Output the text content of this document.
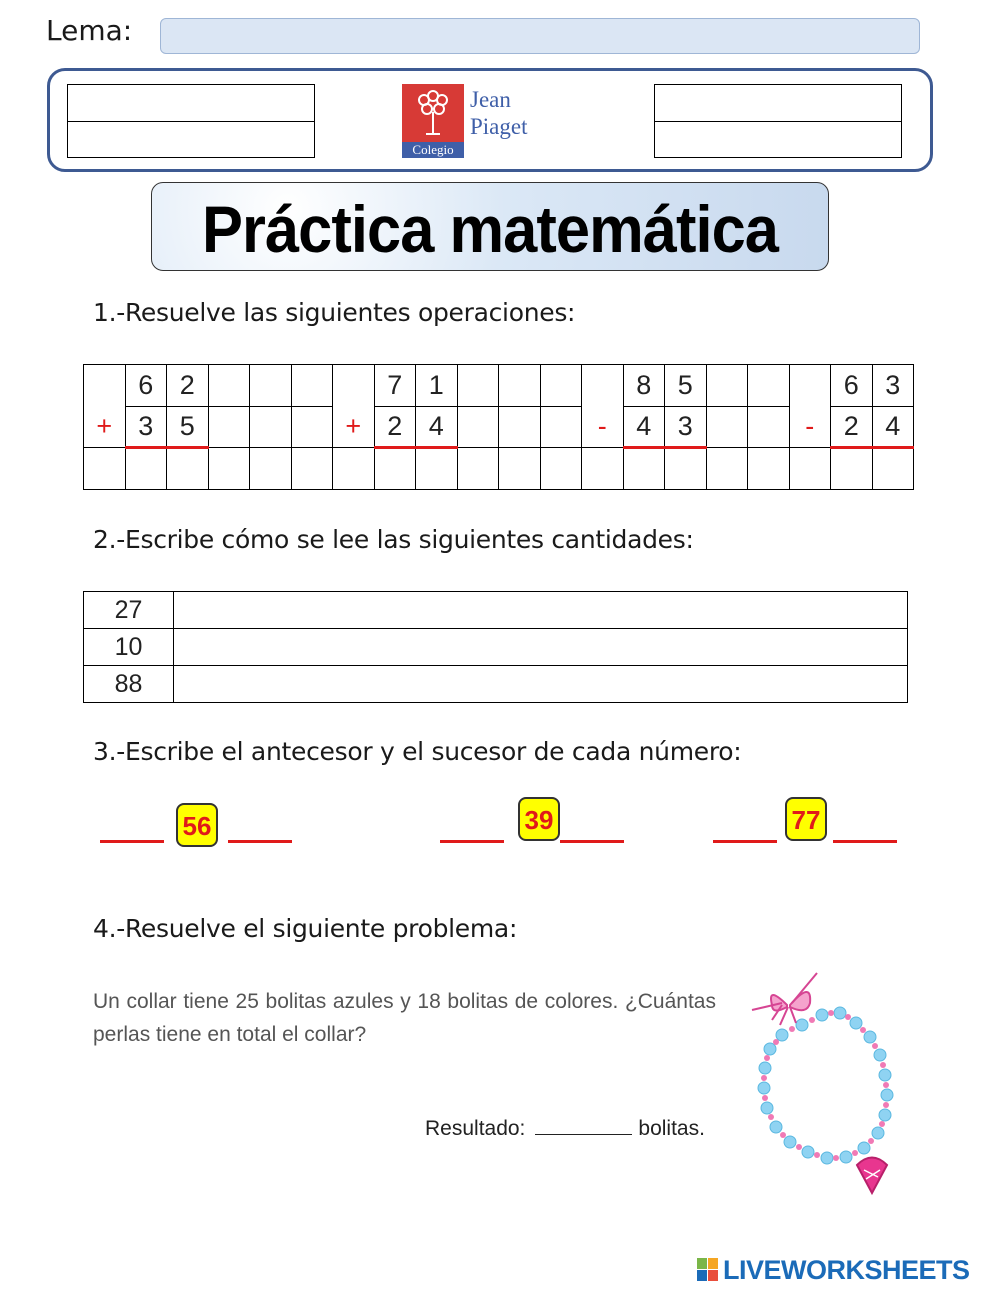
Lema:
Colegio
Jean
Piaget
Práctica matemática
1.-Resuelve las siguientes operaciones:
	6	2					7	1					8	5				6	3
+	3	5				+	2	4				-	4	3			-	2	4

2.-Escribe cómo se lee las siguientes cantidades:
27	
10	
88	
3.-Escribe el antecesor y el sucesor de cada número:
56	39	77
4.-Resuelve el siguiente problema:
Un collar tiene 25 bolitas azules y 18 bolitas de colores. ¿Cuántas perlas tiene en total el collar?
Resultado:	bolitas.
LIVEWORKSHEETS
